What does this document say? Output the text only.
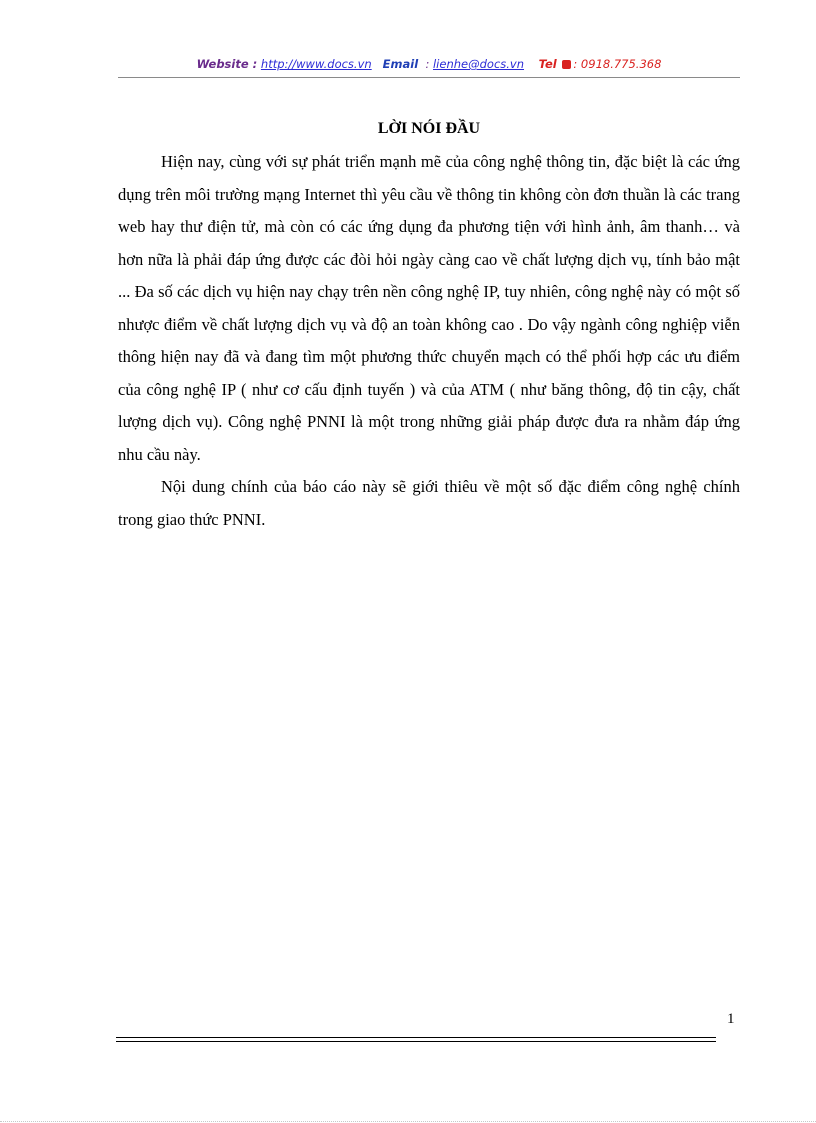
Website : http://www.docs.vn Email : lienhe@docs.vn Tel : 0918.775.368
LỜI NÓI ĐẦU

Hiện nay, cùng với sự phát triển mạnh mẽ của công nghệ thông tin, đặc biệt là các ứng dụng trên môi trường mạng Internet thì yêu cầu về thông tin không còn đơn thuần là các trang web hay thư điện tử, mà còn có các ứng dụng đa phương tiện với hình ảnh, âm thanh… và hơn nữa là phải đáp ứng được các đòi hỏi ngày càng cao về chất lượng dịch vụ, tính bảo mật ... Đa số các dịch vụ hiện nay chạy trên nền công nghệ IP, tuy nhiên, công nghệ này có một số nhược điểm về chất lượng dịch vụ và độ an toàn không cao . Do vậy ngành công nghiệp viễn thông hiện nay đã và đang tìm một phương thức chuyển mạch có thể phối hợp các ưu điểm của công nghệ IP ( như cơ cấu định tuyến ) và của ATM ( như băng thông, độ tin cậy, chất lượng dịch vụ). Công nghệ PNNI là một trong những giải pháp được đưa ra nhằm đáp ứng nhu cầu này.

Nội dung chính của báo cáo này sẽ giới thiêu về một số đặc điểm công nghệ chính trong giao thức PNNI.

1
